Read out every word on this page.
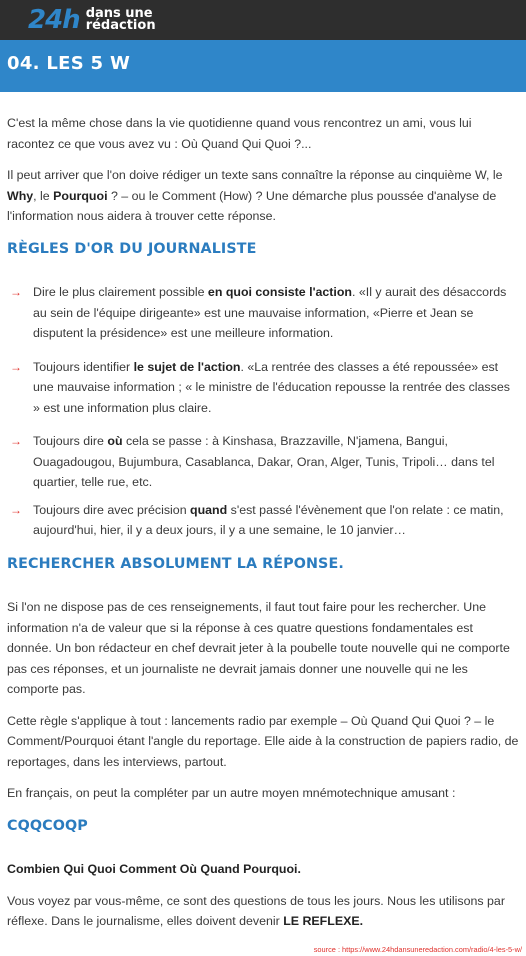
24h dans une
rédaction
04. LES 5 W

C'est la même chose dans la vie quotidienne quand vous rencontrez un ami, vous lui racontez ce que vous avez vu : Où Quand Qui Quoi ?...

Il peut arriver que l'on doive rédiger un texte sans connaître la réponse au cinquième W, le Why, le Pourquoi ? – ou le Comment (How) ? Une démarche plus poussée d'analyse de l'information nous aidera à trouver cette réponse.

RÈGLES D'OR DU JOURNALISTE
→ Dire le plus clairement possible en quoi consiste l'action. «Il y aurait des désaccords au sein de l'équipe dirigeante» est une mauvaise information, «Pierre et Jean se disputent la présidence» est une meilleure information.
→ Toujours identifier le sujet de l'action. «La rentrée des classes a été repoussée» est une mauvaise information ; « le ministre de l'éducation repousse la rentrée des classes » est une information plus claire.
→ Toujours dire où cela se passe : à Kinshasa, Brazzaville, N'jamena, Bangui, Ouagadougou, Bujumbura, Casablanca, Dakar, Oran, Alger, Tunis, Tripoli… dans tel quartier, telle rue, etc.
→ Toujours dire avec précision quand s'est passé l'évènement que l'on relate : ce matin, aujourd'hui, hier, il y a deux jours, il y a une semaine, le 10 janvier…
RECHERCHER ABSOLUMENT LA RÉPONSE.

Si l'on ne dispose pas de ces renseignements, il faut tout faire pour les rechercher. Une information n'a de valeur que si la réponse à ces quatre questions fondamentales est donnée. Un bon rédacteur en chef devrait jeter à la poubelle toute nouvelle qui ne comporte pas ces réponses, et un journaliste ne devrait jamais donner une nouvelle qui ne les comporte pas.

Cette règle s'applique à tout : lancements radio par exemple – Où Quand Qui Quoi ? – le Comment/Pourquoi étant l'angle du reportage. Elle aide à la construction de papiers radio, de reportages, dans les interviews, partout.

En français, on peut la compléter par un autre moyen mnémotechnique amusant :

CQQCOQP

Combien Qui Quoi Comment Où Quand Pourquoi.

Vous voyez par vous-même, ce sont des questions de tous les jours. Nous les utilisons par réflexe. Dans le journalisme, elles doivent devenir LE REFLEXE.

source : https://www.24hdansuneredaction.com/radio/4-les-5-w/
